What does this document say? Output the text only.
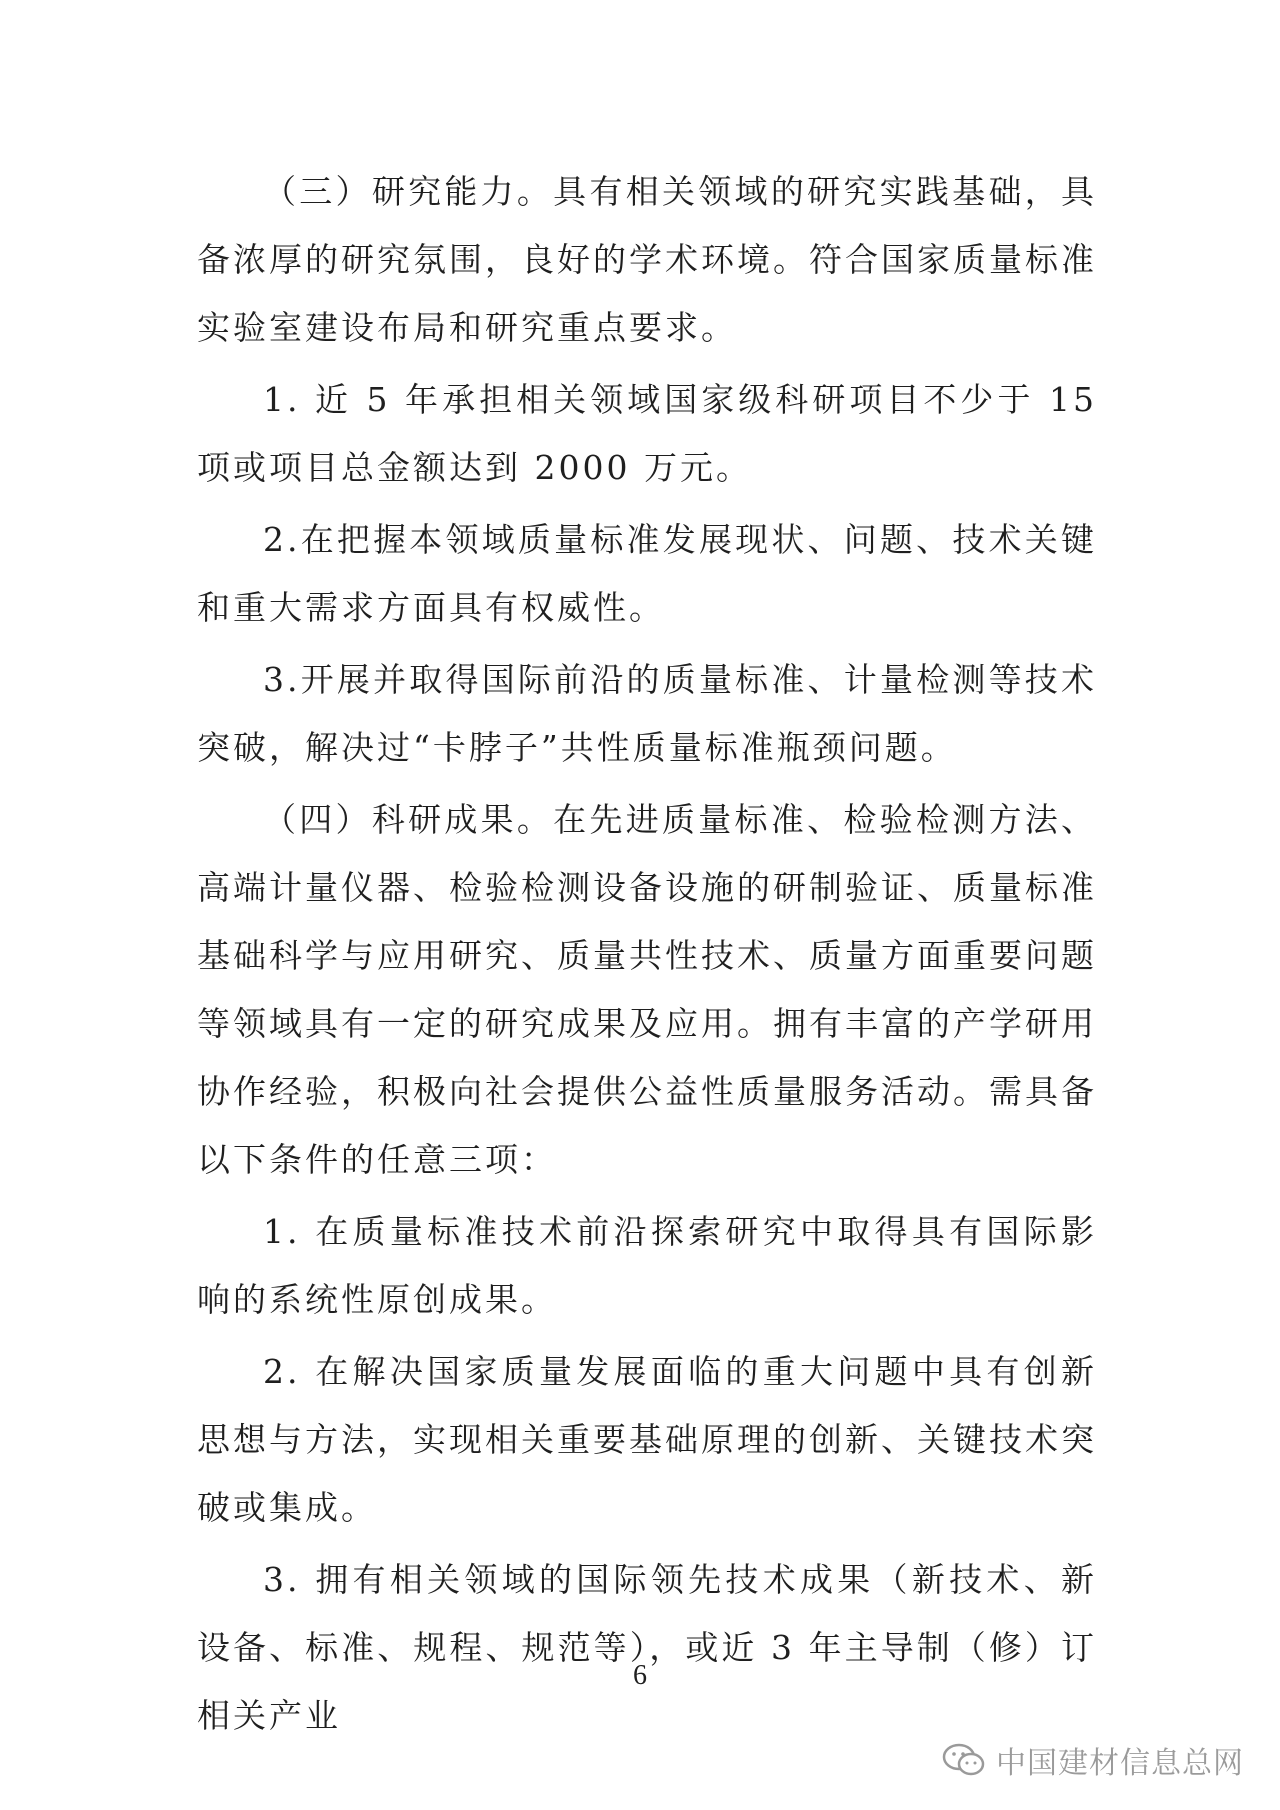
（三）研究能力。具有相关领域的研究实践基础，具备浓厚的研究氛围，良好的学术环境。符合国家质量标准实验室建设布局和研究重点要求。

1. 近 5 年承担相关领域国家级科研项目不少于 15 项或项目总金额达到 2000 万元。

2.在把握本领域质量标准发展现状、问题、技术关键和重大需求方面具有权威性。

3.开展并取得国际前沿的质量标准、计量检测等技术突破，解决过“卡脖子”共性质量标准瓶颈问题。

（四）科研成果。在先进质量标准、检验检测方法、高端计量仪器、检验检测设备设施的研制验证、质量标准基础科学与应用研究、质量共性技术、质量方面重要问题等领域具有一定的研究成果及应用。拥有丰富的产学研用协作经验，积极向社会提供公益性质量服务活动。需具备以下条件的任意三项：

1. 在质量标准技术前沿探索研究中取得具有国际影响的系统性原创成果。

2. 在解决国家质量发展面临的重大问题中具有创新思想与方法，实现相关重要基础原理的创新、关键技术突破或集成。

3. 拥有相关领域的国际领先技术成果（新技术、新设备、标准、规程、规范等），或近 3 年主导制（修）订相关产业

6
中国建材信息总网
